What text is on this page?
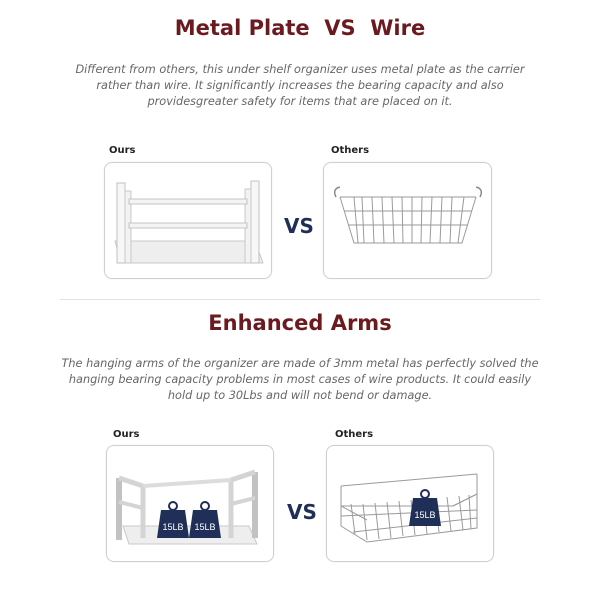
Metal Plate  VS  Wire

Different from others, this under shelf organizer uses metal plate as the carrier rather than wire. It significantly increases the bearing capacity and also providesgreater safety for items that are placed on it.

Ours	Others
VS
Enhanced Arms

The hanging arms of the organizer are made of 3mm metal has perfectly solved the hanging bearing capacity problems in most cases of wire products. It could easily hold up to 30Lbs and will not bend or damage.

Ours	Others
15LB 15LB
VS	15LB
